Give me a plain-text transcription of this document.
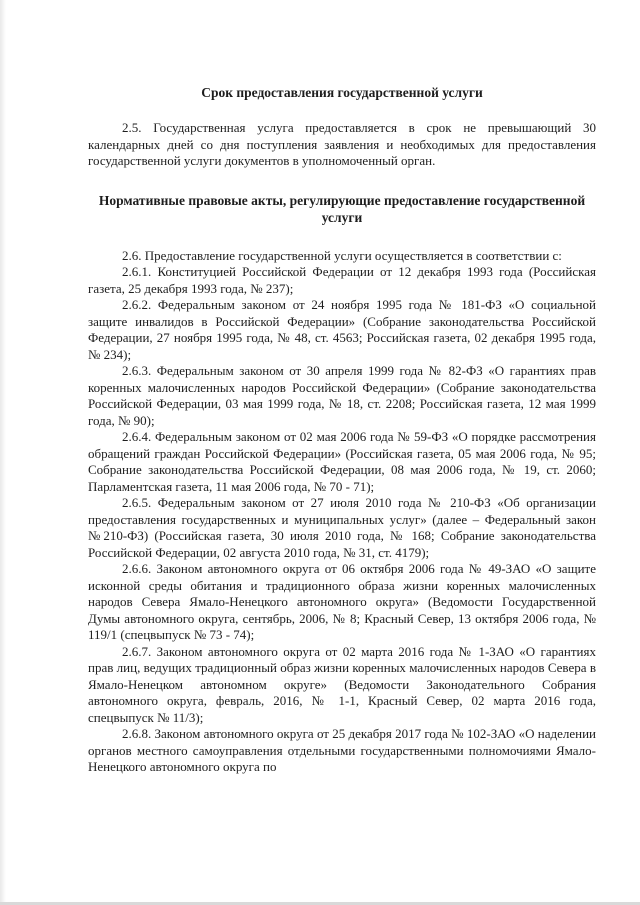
Срок предоставления государственной услуги

2.5. Государственная услуга предоставляется в срок не превышающий 30 календарных дней со дня поступления заявления и необходимых для предоставления государственной услуги документов в уполномоченный орган.

Нормативные правовые акты, регулирующие предоставление государственной услуги

2.6. Предоставление государственной услуги осуществляется в соответствии с:

2.6.1. Конституцией Российской Федерации от 12 декабря 1993 года (Российская газета, 25 декабря 1993 года, № 237);

2.6.2. Федеральным законом от 24 ноября 1995 года № 181-ФЗ «О социальной защите инвалидов в Российской Федерации» (Собрание законодательства Российской Федерации, 27 ноября 1995 года, № 48, ст. 4563; Российская газета, 02 декабря 1995 года, № 234);

2.6.3. Федеральным законом от 30 апреля 1999 года № 82-ФЗ «О гарантиях прав коренных малочисленных народов Российской Федерации» (Собрание законодательства Российской Федерации, 03 мая 1999 года, № 18, ст. 2208; Российская газета, 12 мая 1999 года, № 90);

2.6.4. Федеральным законом от 02 мая 2006 года № 59-ФЗ «О порядке рассмотрения обращений граждан Российской Федерации» (Российская газета, 05 мая 2006 года, № 95; Собрание законодательства Российской Федерации, 08 мая 2006 года, № 19, ст. 2060; Парламентская газета, 11 мая 2006 года, № 70 - 71);

2.6.5. Федеральным законом от 27 июля 2010 года № 210-ФЗ «Об организации предоставления государственных и муниципальных услуг» (далее – Федеральный закон №210-ФЗ) (Российская газета, 30 июля 2010 года, № 168; Собрание законодательства Российской Федерации, 02 августа 2010 года, № 31, ст. 4179);

2.6.6. Законом автономного округа от 06 октября 2006 года № 49-ЗАО «О защите исконной среды обитания и традиционного образа жизни коренных малочисленных народов Севера Ямало-Ненецкого автономного округа» (Ведомости Государственной Думы автономного округа, сентябрь, 2006, № 8; Красный Север, 13 октября 2006 года, № 119/1 (спецвыпуск № 73 - 74);

2.6.7. Законом автономного округа от 02 марта 2016 года № 1-ЗАО «О гарантиях прав лиц, ведущих традиционный образ жизни коренных малочисленных народов Севера в Ямало-Ненецком автономном округе» (Ведомости Законодательного Собрания автономного округа, февраль, 2016, № 1-1, Красный Север, 02 марта 2016 года, спецвыпуск № 11/3);

2.6.8. Законом автономного округа от 25 декабря 2017 года № 102-ЗАО «О наделении органов местного самоуправления отдельными государственными полномочиями Ямало-Ненецкого автономного округа по
